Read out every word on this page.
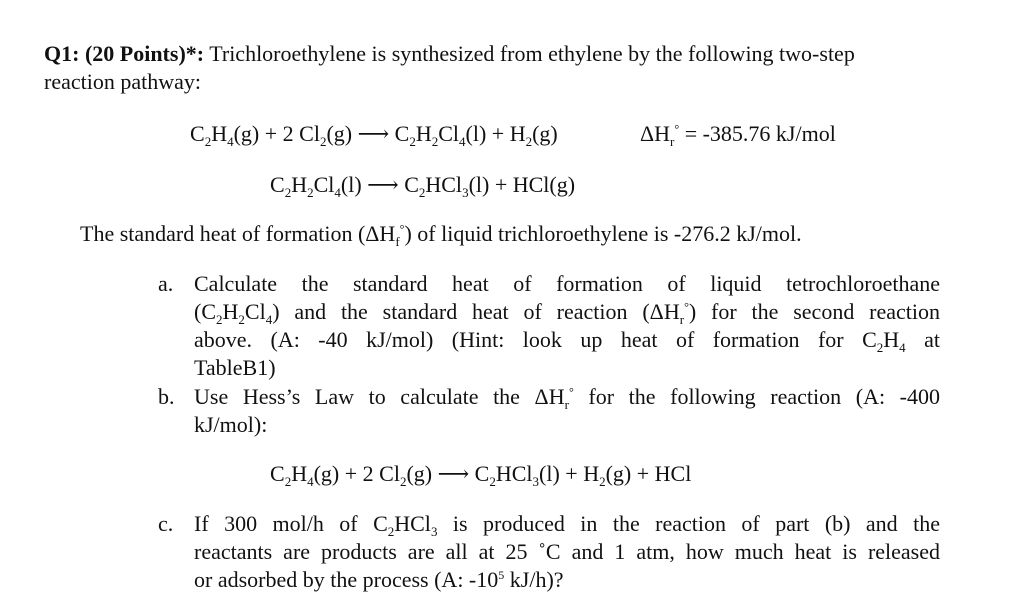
Q1: (20 Points)*: Trichloroethylene is synthesized from ethylene by the following two-step
reaction pathway:
$C_2H_4(g) + 2$ $Cl_2(g)$ ⟶ $C_2H_2Cl_4(l) + H_2(g)$	$\Delta H_r^\circ = -385.76$ kJ/mol
$C_2H_2Cl_4(l)$ ⟶ $C_2HCl_3(l) + HCl(g)$
The standard heat of formation $(\Delta H_f^\circ)$ of liquid trichloroethylene is -276.2 kJ/mol.
a. Calculate the standard heat of formation of liquid tetrochloroethane
$(C_2H_2Cl_4)$ and the standard heat of reaction $(\Delta H_r^\circ)$ for the second reaction
above. (A: -40 kJ/mol) (Hint: look up heat of formation for $C_2H_4$ at
TableB1)
b. Use Hess’s Law to calculate the $\Delta H_r^\circ$ for the following reaction (A: -400
kJ/mol):
$C_2H_4(g) + 2$ $Cl_2(g)$ ⟶ $C_2HCl_3(l) + H_2(g)$ + HCl
c. If 300 mol/h of $C_2HCl_3$ is produced in the reaction of part (b) and the
reactants are products are all at 25 ˚C and 1 atm, how much heat is released
or adsorbed by the process (A: $-10^5$ kJ/h)?
